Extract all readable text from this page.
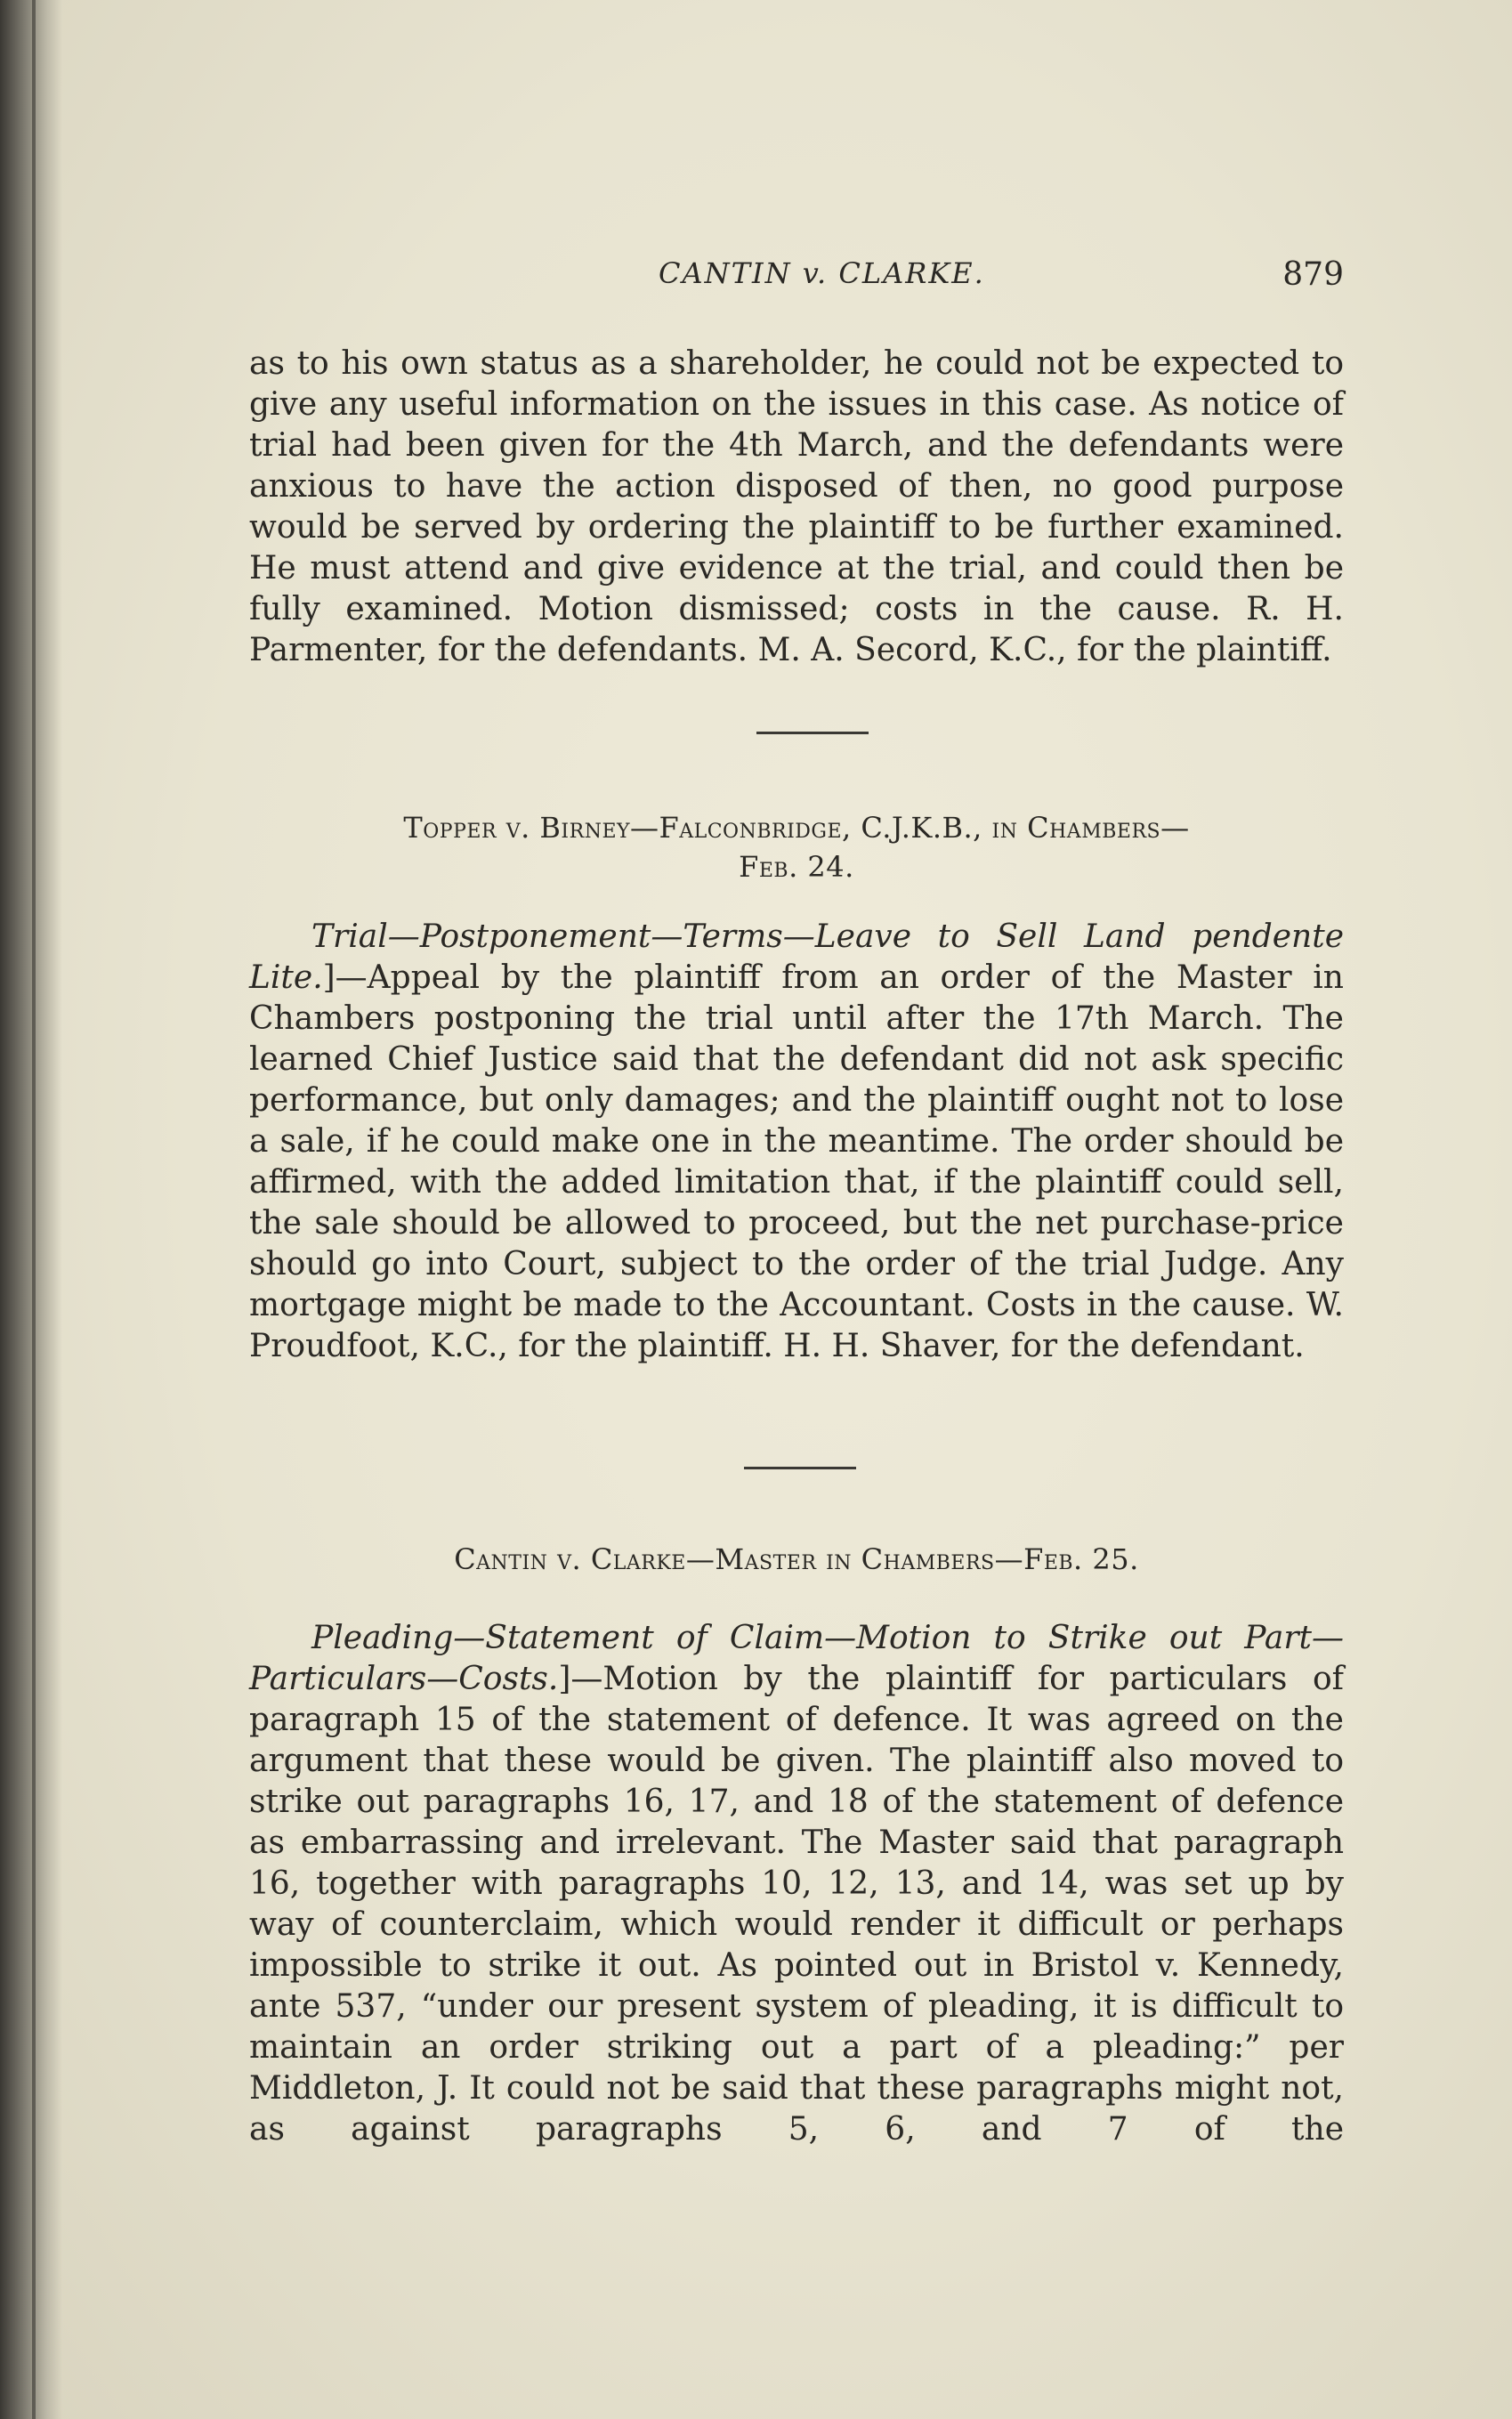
CANTIN v. CLARKE.	879

as to his own status as a shareholder, he could not be expected to give any useful information on the issues in this case. As notice of trial had been given for the 4th March, and the defendants were anxious to have the action disposed of then, no good purpose would be served by ordering the plaintiff to be further examined. He must attend and give evidence at the trial, and could then be fully examined. Motion dismissed; costs in the cause. R. H. Parmenter, for the defendants. M. A. Secord, K.C., for the plaintiff.

Topper v. Birney—Falconbridge, C.J.K.B., in Chambers—
Feb. 24.

Trial—Postponement—Terms—Leave to Sell Land pendente Lite.]—Appeal by the plaintiff from an order of the Master in Chambers postponing the trial until after the 17th March. The learned Chief Justice said that the defendant did not ask specific performance, but only damages; and the plaintiff ought not to lose a sale, if he could make one in the meantime. The order should be affirmed, with the added limitation that, if the plaintiff could sell, the sale should be allowed to proceed, but the net purchase-price should go into Court, subject to the order of the trial Judge. Any mortgage might be made to the Accountant. Costs in the cause. W. Proudfoot, K.C., for the plaintiff. H. H. Shaver, for the defendant.

Cantin v. Clarke—Master in Chambers—Feb. 25.

Pleading—Statement of Claim—Motion to Strike out Part—Particulars—Costs.]—Motion by the plaintiff for particulars of paragraph 15 of the statement of defence. It was agreed on the argument that these would be given. The plaintiff also moved to strike out paragraphs 16, 17, and 18 of the statement of defence as embarrassing and irrelevant. The Master said that paragraph 16, together with paragraphs 10, 12, 13, and 14, was set up by way of counterclaim, which would render it difficult or perhaps impossible to strike it out. As pointed out in Bristol v. Kennedy, ante 537, “under our present system of pleading, it is difficult to maintain an order striking out a part of a pleading:” per Middleton, J. It could not be said that these paragraphs might not, as against paragraphs 5, 6, and 7 of the
